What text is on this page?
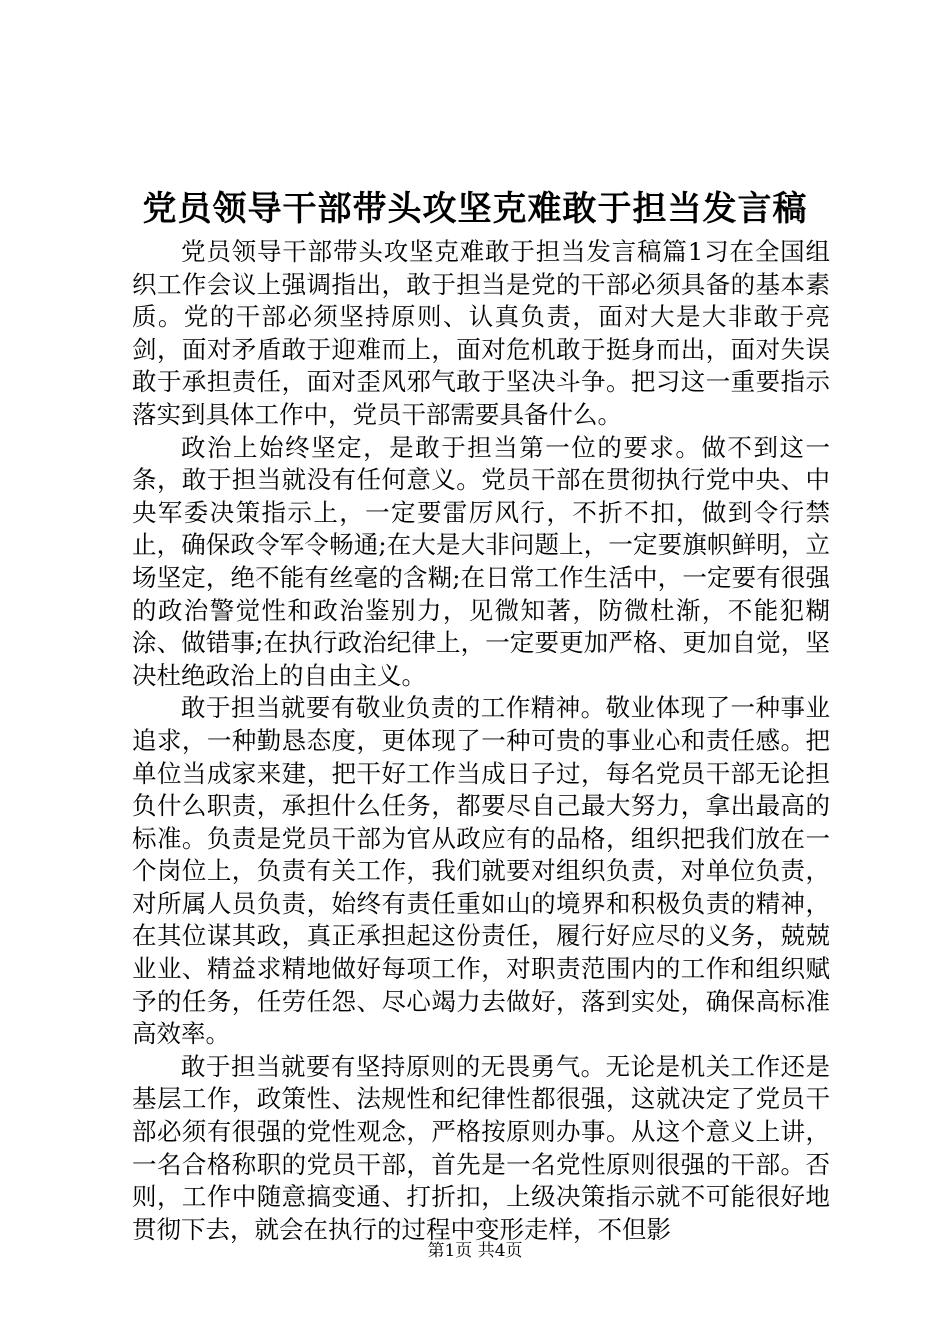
党员领导干部带头攻坚克难敢于担当发言稿

党员领导干部带头攻坚克难敢于担当发言稿篇1习在全国组织工作会议上强调指出，敢于担当是党的干部必须具备的基本素质。党的干部必须坚持原则、认真负责，面对大是大非敢于亮剑，面对矛盾敢于迎难而上，面对危机敢于挺身而出，面对失误敢于承担责任，面对歪风邪气敢于坚决斗争。把习这一重要指示落实到具体工作中，党员干部需要具备什么。

政治上始终坚定，是敢于担当第一位的要求。做不到这一条，敢于担当就没有任何意义。党员干部在贯彻执行党中央、中央军委决策指示上，一定要雷厉风行，不折不扣，做到令行禁止，确保政令军令畅通;在大是大非问题上，一定要旗帜鲜明，立场坚定，绝不能有丝毫的含糊;在日常工作生活中，一定要有很强的政治警觉性和政治鉴别力，见微知著，防微杜渐，不能犯糊涂、做错事;在执行政治纪律上，一定要更加严格、更加自觉，坚决杜绝政治上的自由主义。

敢于担当就要有敬业负责的工作精神。敬业体现了一种事业追求，一种勤恳态度，更体现了一种可贵的事业心和责任感。把单位当成家来建，把干好工作当成日子过，每名党员干部无论担负什么职责，承担什么任务，都要尽自己最大努力，拿出最高的标准。负责是党员干部为官从政应有的品格，组织把我们放在一个岗位上，负责有关工作，我们就要对组织负责，对单位负责，对所属人员负责，始终有责任重如山的境界和积极负责的精神，在其位谋其政，真正承担起这份责任，履行好应尽的义务，兢兢业业、精益求精地做好每项工作，对职责范围内的工作和组织赋予的任务，任劳任怨、尽心竭力去做好，落到实处，确保高标准高效率。

敢于担当就要有坚持原则的无畏勇气。无论是机关工作还是基层工作，政策性、法规性和纪律性都很强，这就决定了党员干部必须有很强的党性观念，严格按原则办事。从这个意义上讲，一名合格称职的党员干部，首先是一名党性原则很强的干部。否则，工作中随意搞变通、打折扣，上级决策指示就不可能很好地贯彻下去，就会在执行的过程中变形走样，不但影

第1页 共4页
